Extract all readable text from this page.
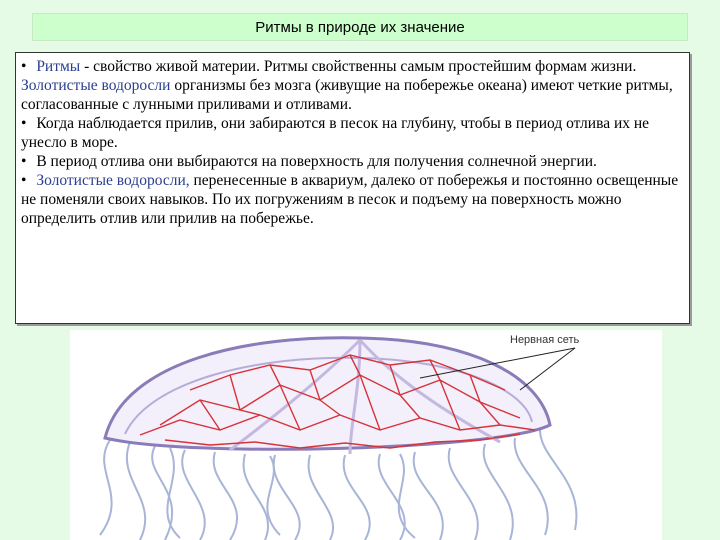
Ритмы в природе их значение

• Ритмы - свойство живой материи. Ритмы свойственны самым простейшим формам жизни. Золотистые водоросли организмы без мозга (живущие на побережье океана) имеют четкие ритмы, согласованные с лунными приливами и отливами.

• Когда наблюдается прилив, они забираются в песок на глубину, чтобы в период отлива их не унесло в море.

• В период отлива они выбираются на поверхность для получения солнечной энергии.

• Золотистые водоросли, перенесенные в аквариум, далеко от побережья и постоянно освещенные не поменяли своих навыков. По их погружениям в песок и подъему на поверхность можно определить отлив или прилив на побережье.

Нервная сеть
